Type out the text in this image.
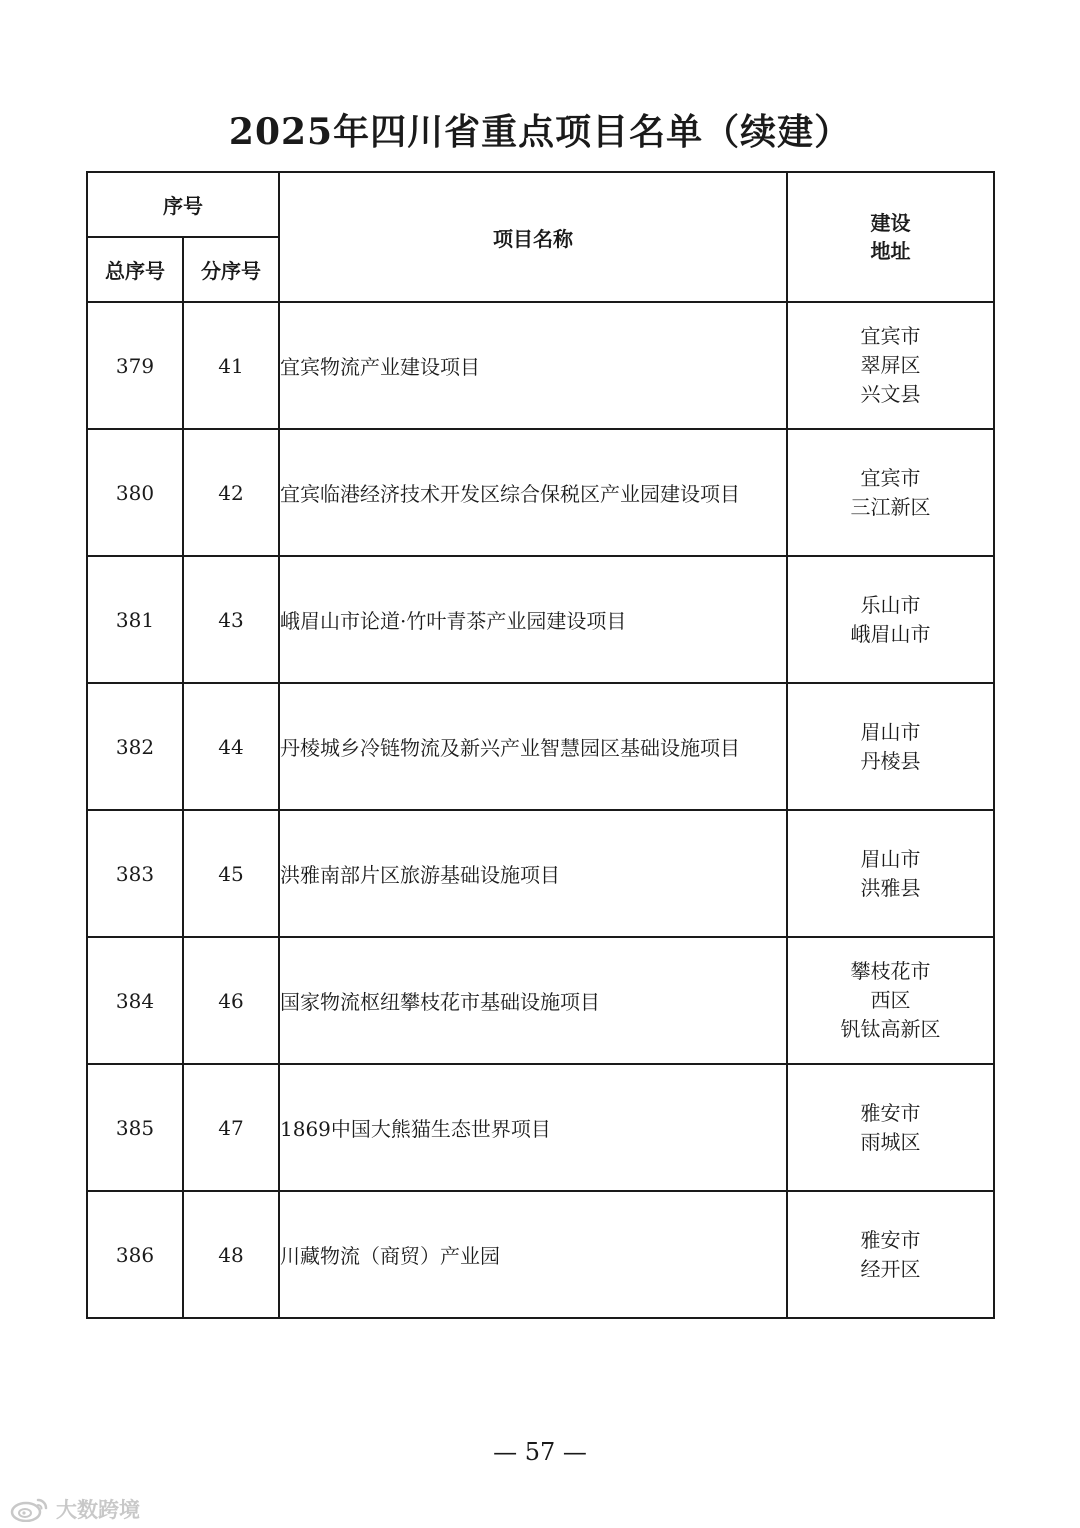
2025年四川省重点项目名单（续建）
序号		项目名称	建设
地址

总序号	分序号		
379	41	宜宾物流产业建设项目	宜宾市
翠屏区
兴文县

380	42	宜宾临港经济技术开发区综合保税区产业园建设项目	宜宾市
三江新区

381	43	峨眉山市论道·竹叶青茶产业园建设项目	乐山市
峨眉山市

382	44	丹棱城乡冷链物流及新兴产业智慧园区基础设施项目	眉山市
丹棱县

383	45	洪雅南部片区旅游基础设施项目	眉山市
洪雅县

384	46	国家物流枢纽攀枝花市基础设施项目	攀枝花市
西区
钒钛高新区

385	47	1869中国大熊猫生态世界项目	雅安市
雨城区

386	48	川藏物流（商贸）产业园	雅安市
经开区
— 57 —
大数跨境
